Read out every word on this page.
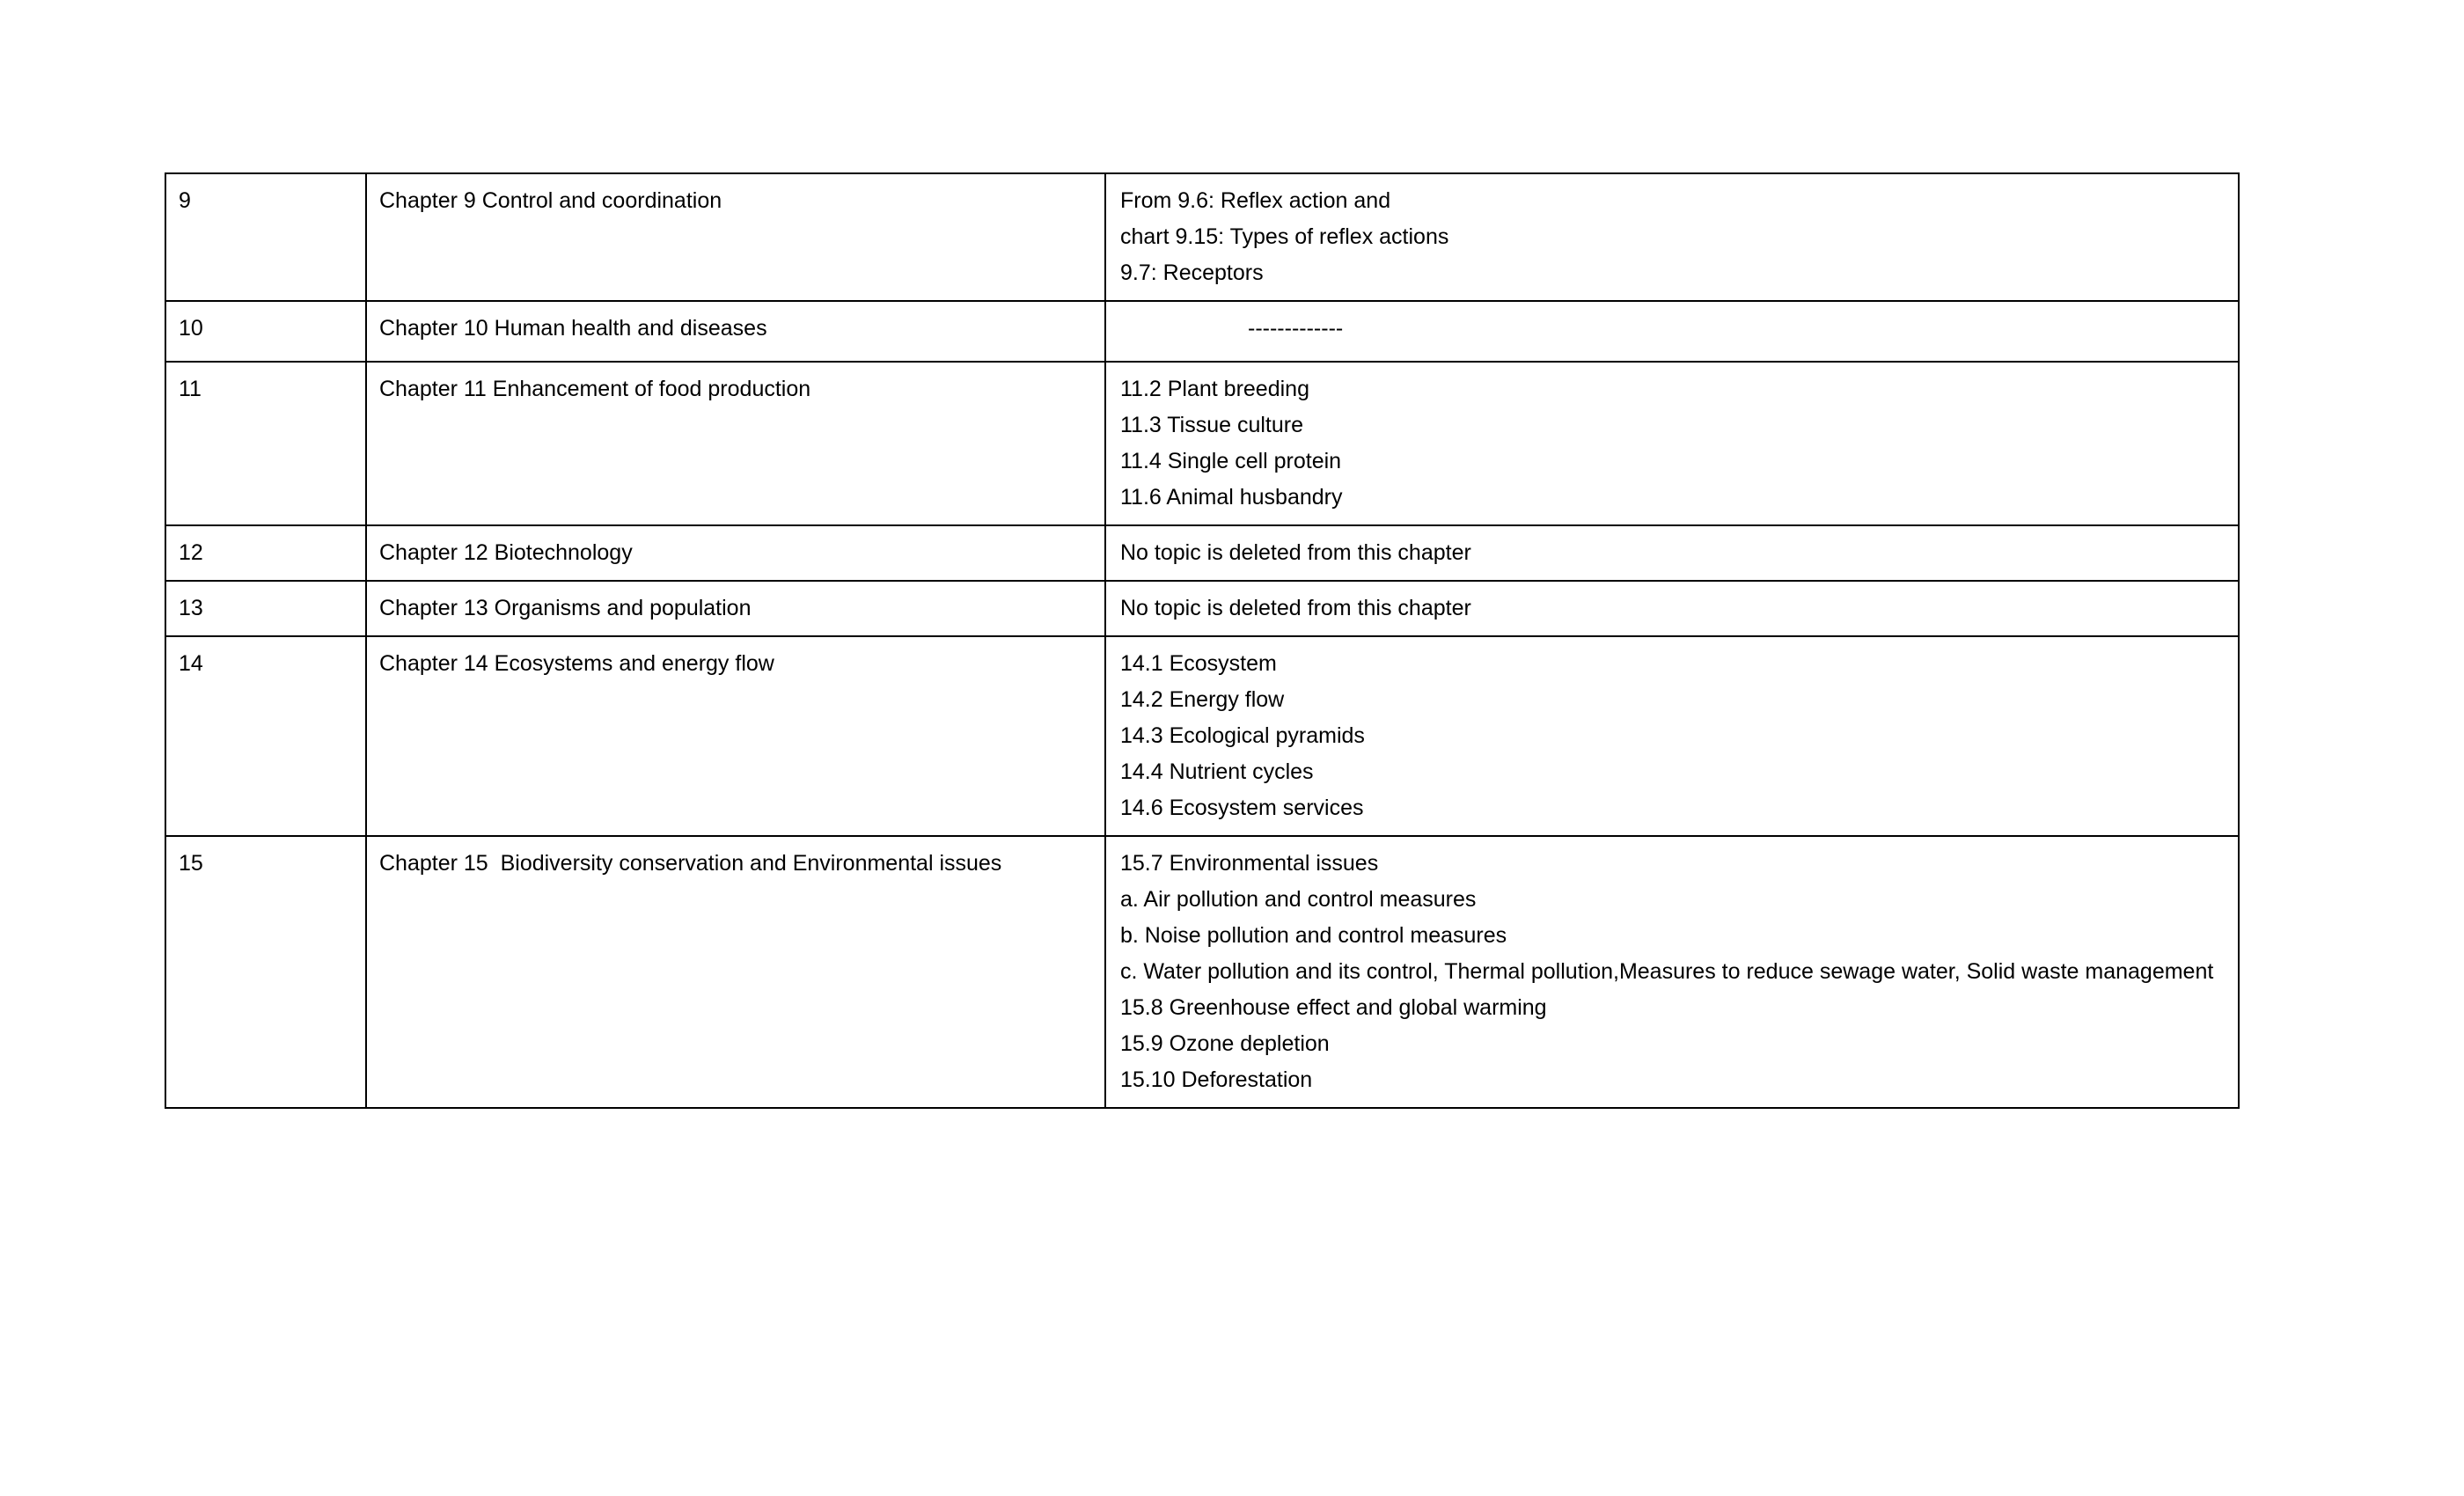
9	Chapter 9 Control and coordination	From 9.6: Reflex action and
chart 9.15: Types of reflex actions
9.7: Receptors

10	Chapter 10 Human health and diseases	-------------

11	Chapter 11 Enhancement of food production	11.2 Plant breeding
11.3 Tissue culture
11.4 Single cell protein
11.6 Animal husbandry

12	Chapter 12 Biotechnology	No topic is deleted from this chapter

13	Chapter 13 Organisms and population	No topic is deleted from this chapter

14	Chapter 14 Ecosystems and energy flow	14.1 Ecosystem
14.2 Energy flow
14.3 Ecological pyramids
14.4 Nutrient cycles
14.6 Ecosystem services

15	Chapter 15  Biodiversity conservation and Environmental issues	15.7 Environmental issues
a. Air pollution and control measures
b. Noise pollution and control measures
c. Water pollution and its control, Thermal pollution,Measures to reduce sewage water, Solid waste management
15.8 Greenhouse effect and global warming
15.9 Ozone depletion
15.10 Deforestation
